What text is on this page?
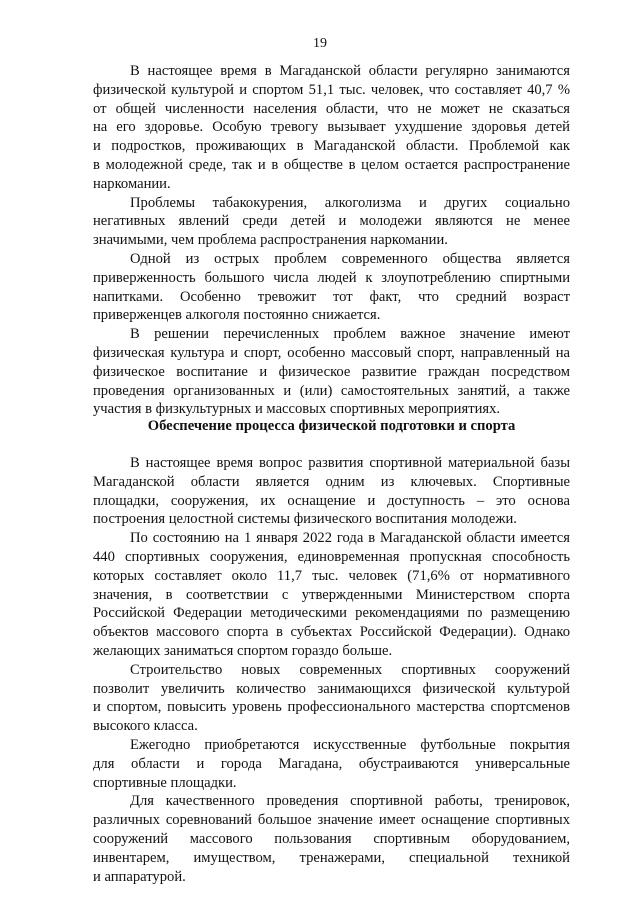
19
В настоящее время в Магаданской области регулярно занимаются
физической культурой и спортом 51,1 тыс. человек, что составляет 40,7 %
от общей численности населения области, что не может не сказаться
на его здоровье. Особую тревогу вызывает ухудшение здоровья детей
и подростков, проживающих в Магаданской области. Проблемой как
в молодежной среде, так и в обществе в целом остается распространение
наркомании.
Проблемы табакокурения, алкоголизма и других социально
негативных явлений среди детей и молодежи являются не менее
значимыми, чем проблема распространения наркомании.
Одной из острых проблем современного общества является
приверженность большого числа людей к злоупотреблению спиртными
напитками. Особенно тревожит тот факт, что средний возраст
приверженцев алкоголя постоянно снижается.
В решении перечисленных проблем важное значение имеют
физическая культура и спорт, особенно массовый спорт, направленный на
физическое воспитание и физическое развитие граждан посредством
проведения организованных и (или) самостоятельных занятий, а также
участия в физкультурных и массовых спортивных мероприятиях.
Обеспечение процесса физической подготовки и спорта
В настоящее время вопрос развития спортивной материальной базы
Магаданской области является одним из ключевых. Спортивные
площадки, сооружения, их оснащение и доступность – это основа
построения целостной системы физического воспитания молодежи.
По состоянию на 1 января 2022 года в Магаданской области имеется
440 спортивных сооружения, единовременная пропускная способность
которых составляет около 11,7 тыс. человек (71,6% от нормативного
значения, в соответствии с утвержденными Министерством спорта
Российской Федерации методическими рекомендациями по размещению
объектов массового спорта в субъектах Российской Федерации). Однако
желающих заниматься спортом гораздо больше.
Строительство новых современных спортивных сооружений
позволит увеличить количество занимающихся физической культурой
и спортом, повысить уровень профессионального мастерства спортсменов
высокого класса.
Ежегодно приобретаются искусственные футбольные покрытия
для области и города Магадана, обустраиваются универсальные
спортивные площадки.
Для качественного проведения спортивной работы, тренировок,
различных соревнований большое значение имеет оснащение спортивных
сооружений массового пользования спортивным оборудованием,
инвентарем, имуществом, тренажерами, специальной техникой
и аппаратурой.
